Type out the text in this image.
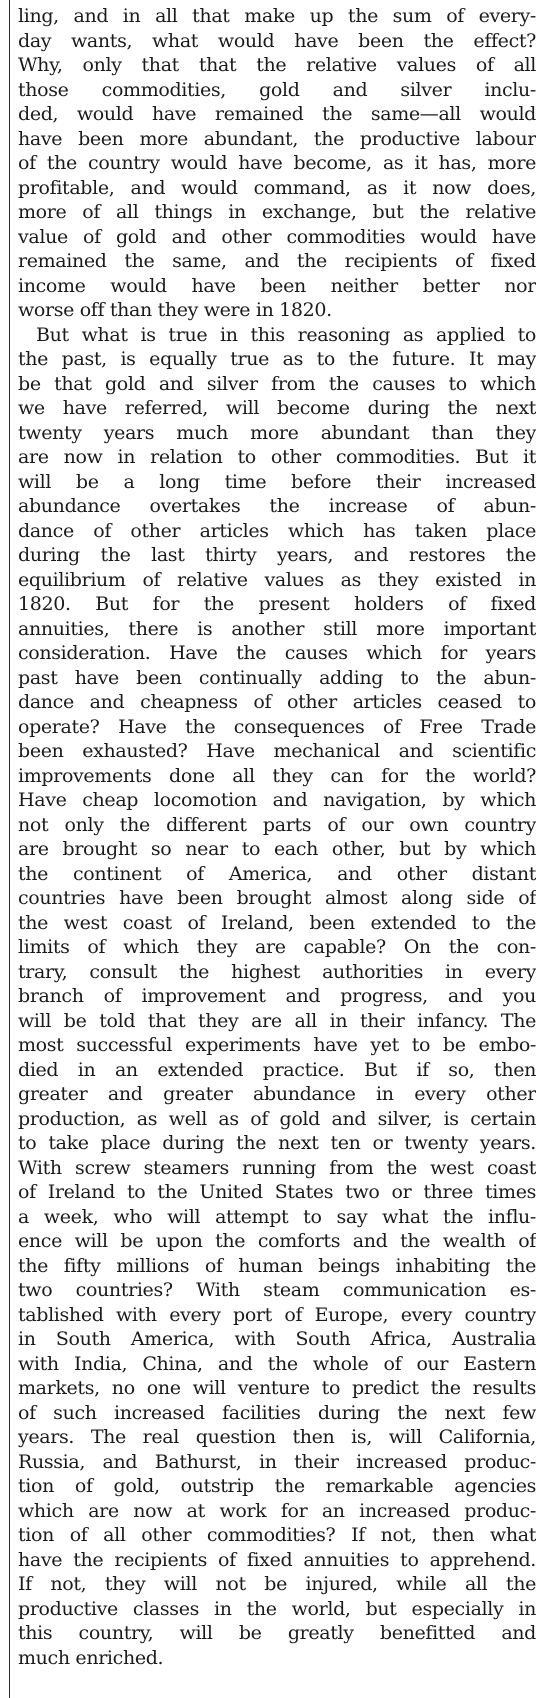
ling, and in all that make up the sum of every-
day wants, what would have been the effect?
Why, only that that the relative values of all
those commodities, gold and silver inclu-
ded, would have remained the same—all would
have been more abundant, the productive labour
of the country would have become, as it has, more
profitable, and would command, as it now does,
more of all things in exchange, but the relative
value of gold and other commodities would have
remained the same, and the recipients of fixed
income would have been neither better nor
worse off than they were in 1820.
But what is true in this reasoning as applied to
the past, is equally true as to the future. It may
be that gold and silver from the causes to which
we have referred, will become during the next
twenty years much more abundant than they
are now in relation to other commodities. But it
will be a long time before their increased
abundance overtakes the increase of abun-
dance of other articles which has taken place
during the last thirty years, and restores the
equilibrium of relative values as they existed in
1820. But for the present holders of fixed
annuities, there is another still more important
consideration. Have the causes which for years
past have been continually adding to the abun-
dance and cheapness of other articles ceased to
operate? Have the consequences of Free Trade
been exhausted? Have mechanical and scientific
improvements done all they can for the world?
Have cheap locomotion and navigation, by which
not only the different parts of our own country
are brought so near to each other, but by which
the continent of America, and other distant
countries have been brought almost along side of
the west coast of Ireland, been extended to the
limits of which they are capable? On the con-
trary, consult the highest authorities in every
branch of improvement and progress, and you
will be told that they are all in their infancy. The
most successful experiments have yet to be embo-
died in an extended practice. But if so, then
greater and greater abundance in every other
production, as well as of gold and silver, is certain
to take place during the next ten or twenty years.
With screw steamers running from the west coast
of Ireland to the United States two or three times
a week, who will attempt to say what the influ-
ence will be upon the comforts and the wealth of
the fifty millions of human beings inhabiting the
two countries? With steam communication es-
tablished with every port of Europe, every country
in South America, with South Africa, Australia
with India, China, and the whole of our Eastern
markets, no one will venture to predict the results
of such increased facilities during the next few
years. The real question then is, will California,
Russia, and Bathurst, in their increased produc-
tion of gold, outstrip the remarkable agencies
which are now at work for an increased produc-
tion of all other commodities? If not, then what
have the recipients of fixed annuities to apprehend.
If not, they will not be injured, while all the
productive classes in the world, but especially in
this country, will be greatly benefitted and
much enriched.
